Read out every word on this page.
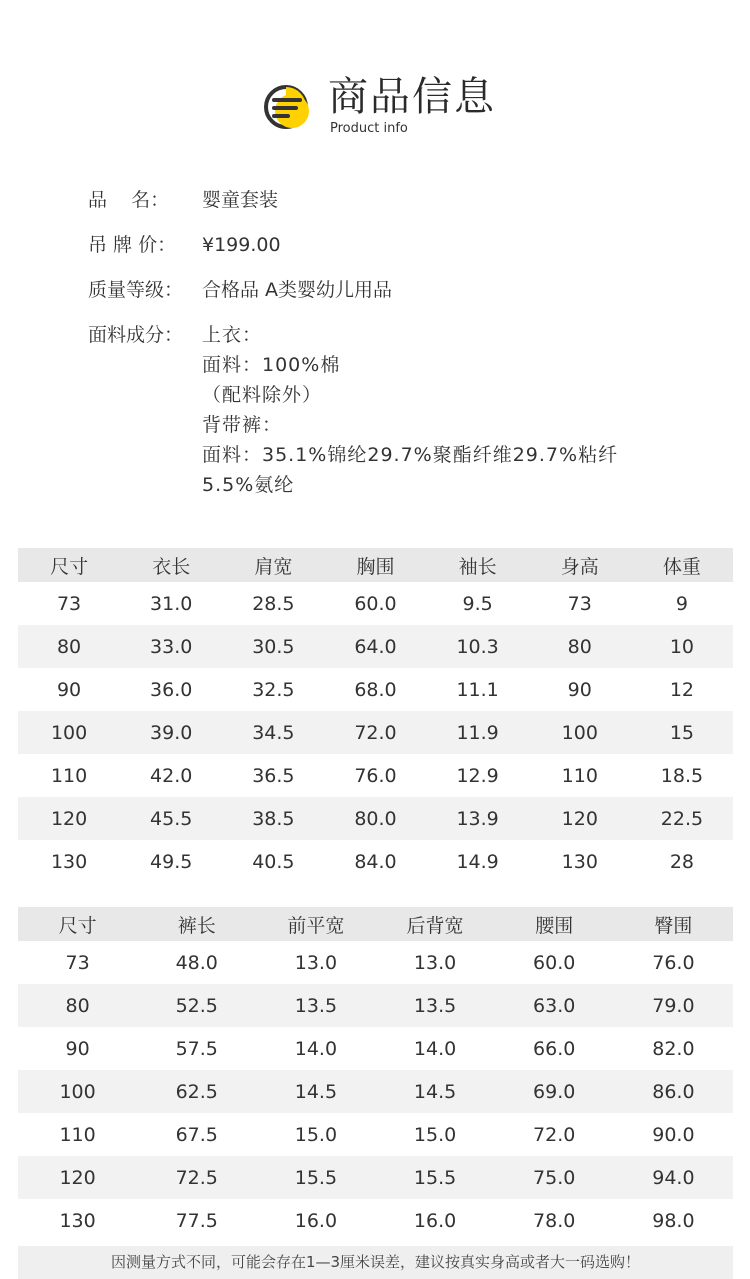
商品信息
Product info
品    名：	婴童套装
吊 牌 价：	¥199.00
质量等级： 合格品 A类婴幼儿用品
面料成分： 上衣：
面料：100%棉
（配料除外）
背带裤：
面料：35.1%锦纶29.7%聚酯纤维29.7%粘纤
5.5%氨纶
尺寸	衣长	肩宽	胸围	袖长	身高	体重
73	31.0	28.5	60.0	9.5	73	9
80	33.0	30.5	64.0	10.3	80	10
90	36.0	32.5	68.0	11.1	90	12
100	39.0	34.5	72.0	11.9	100	15
110	42.0	36.5	76.0	12.9	110	18.5
120	45.5	38.5	80.0	13.9	120	22.5
130	49.5	40.5	84.0	14.9	130	28
尺寸	裤长	前平宽	后背宽	腰围	臀围
73	48.0	13.0	13.0	60.0	76.0
80	52.5	13.5	13.5	63.0	79.0
90	57.5	14.0	14.0	66.0	82.0
100	62.5	14.5	14.5	69.0	86.0
110	67.5	15.0	15.0	72.0	90.0
120	72.5	15.5	15.5	75.0	94.0
130	77.5	16.0	16.0	78.0	98.0
因测量方式不同，可能会存在1—3厘米误差，建议按真实身高或者大一码选购！
